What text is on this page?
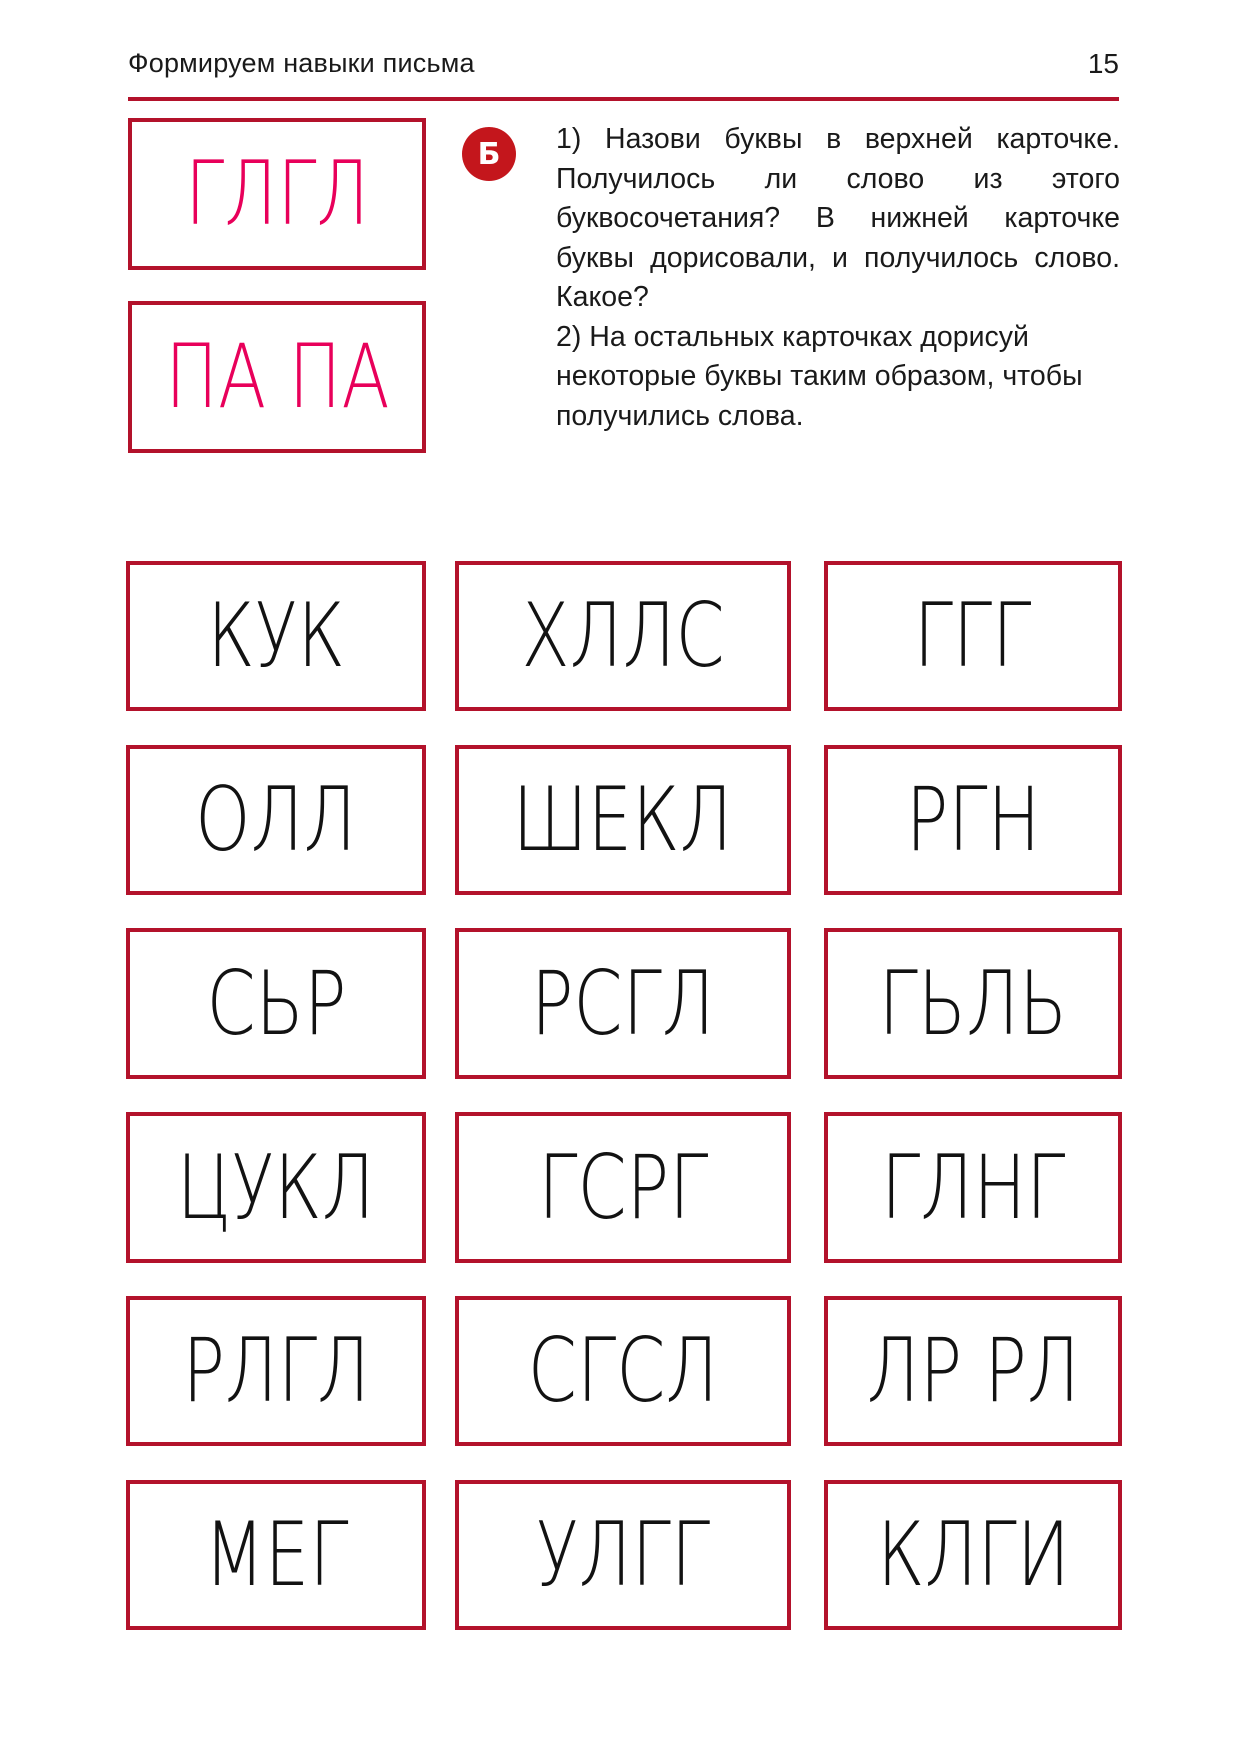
Формируем навыки письма	15
ГЛГЛ
ПА ПА
Б	1) Назови буквы в верхней карточке. Получилось ли слово из этого буквосочетания? В нижней карточке буквы дорисовали, и получилось слово. Какое?

2) На остальных карточках дорисуй некоторые буквы таким образом, чтобы получились слова.

КУК ХЛЛС ГГГ
ОЛЛ ШЕКЛ РГН
СЬР РСГЛ ГЬЛЬ
ЦУКЛ ГСРГ ГЛНГ
РЛГЛ СГСЛ ЛР РЛ
МЕГ УЛГГ КЛГИ
